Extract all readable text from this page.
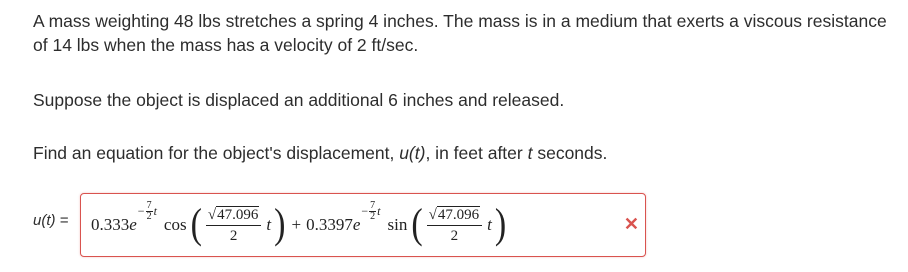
A mass weighting 48 lbs stretches a spring 4 inches. The mass is in a medium that exerts a viscous resistance of 14 lbs when the mass has a velocity of 2 ft/sec.

Suppose the object is displaced an additional 6 inches and released.

Find an equation for the object's displacement, u(t), in feet after t seconds.

u(t) = 0.333 e
− 7
2 t
cos ( $\frac{√ 47.096}{2}$ t ) + 0.3397 e
− 7
2 t
sin ( $\frac{√ 47.096}{2}$ t )	✕
